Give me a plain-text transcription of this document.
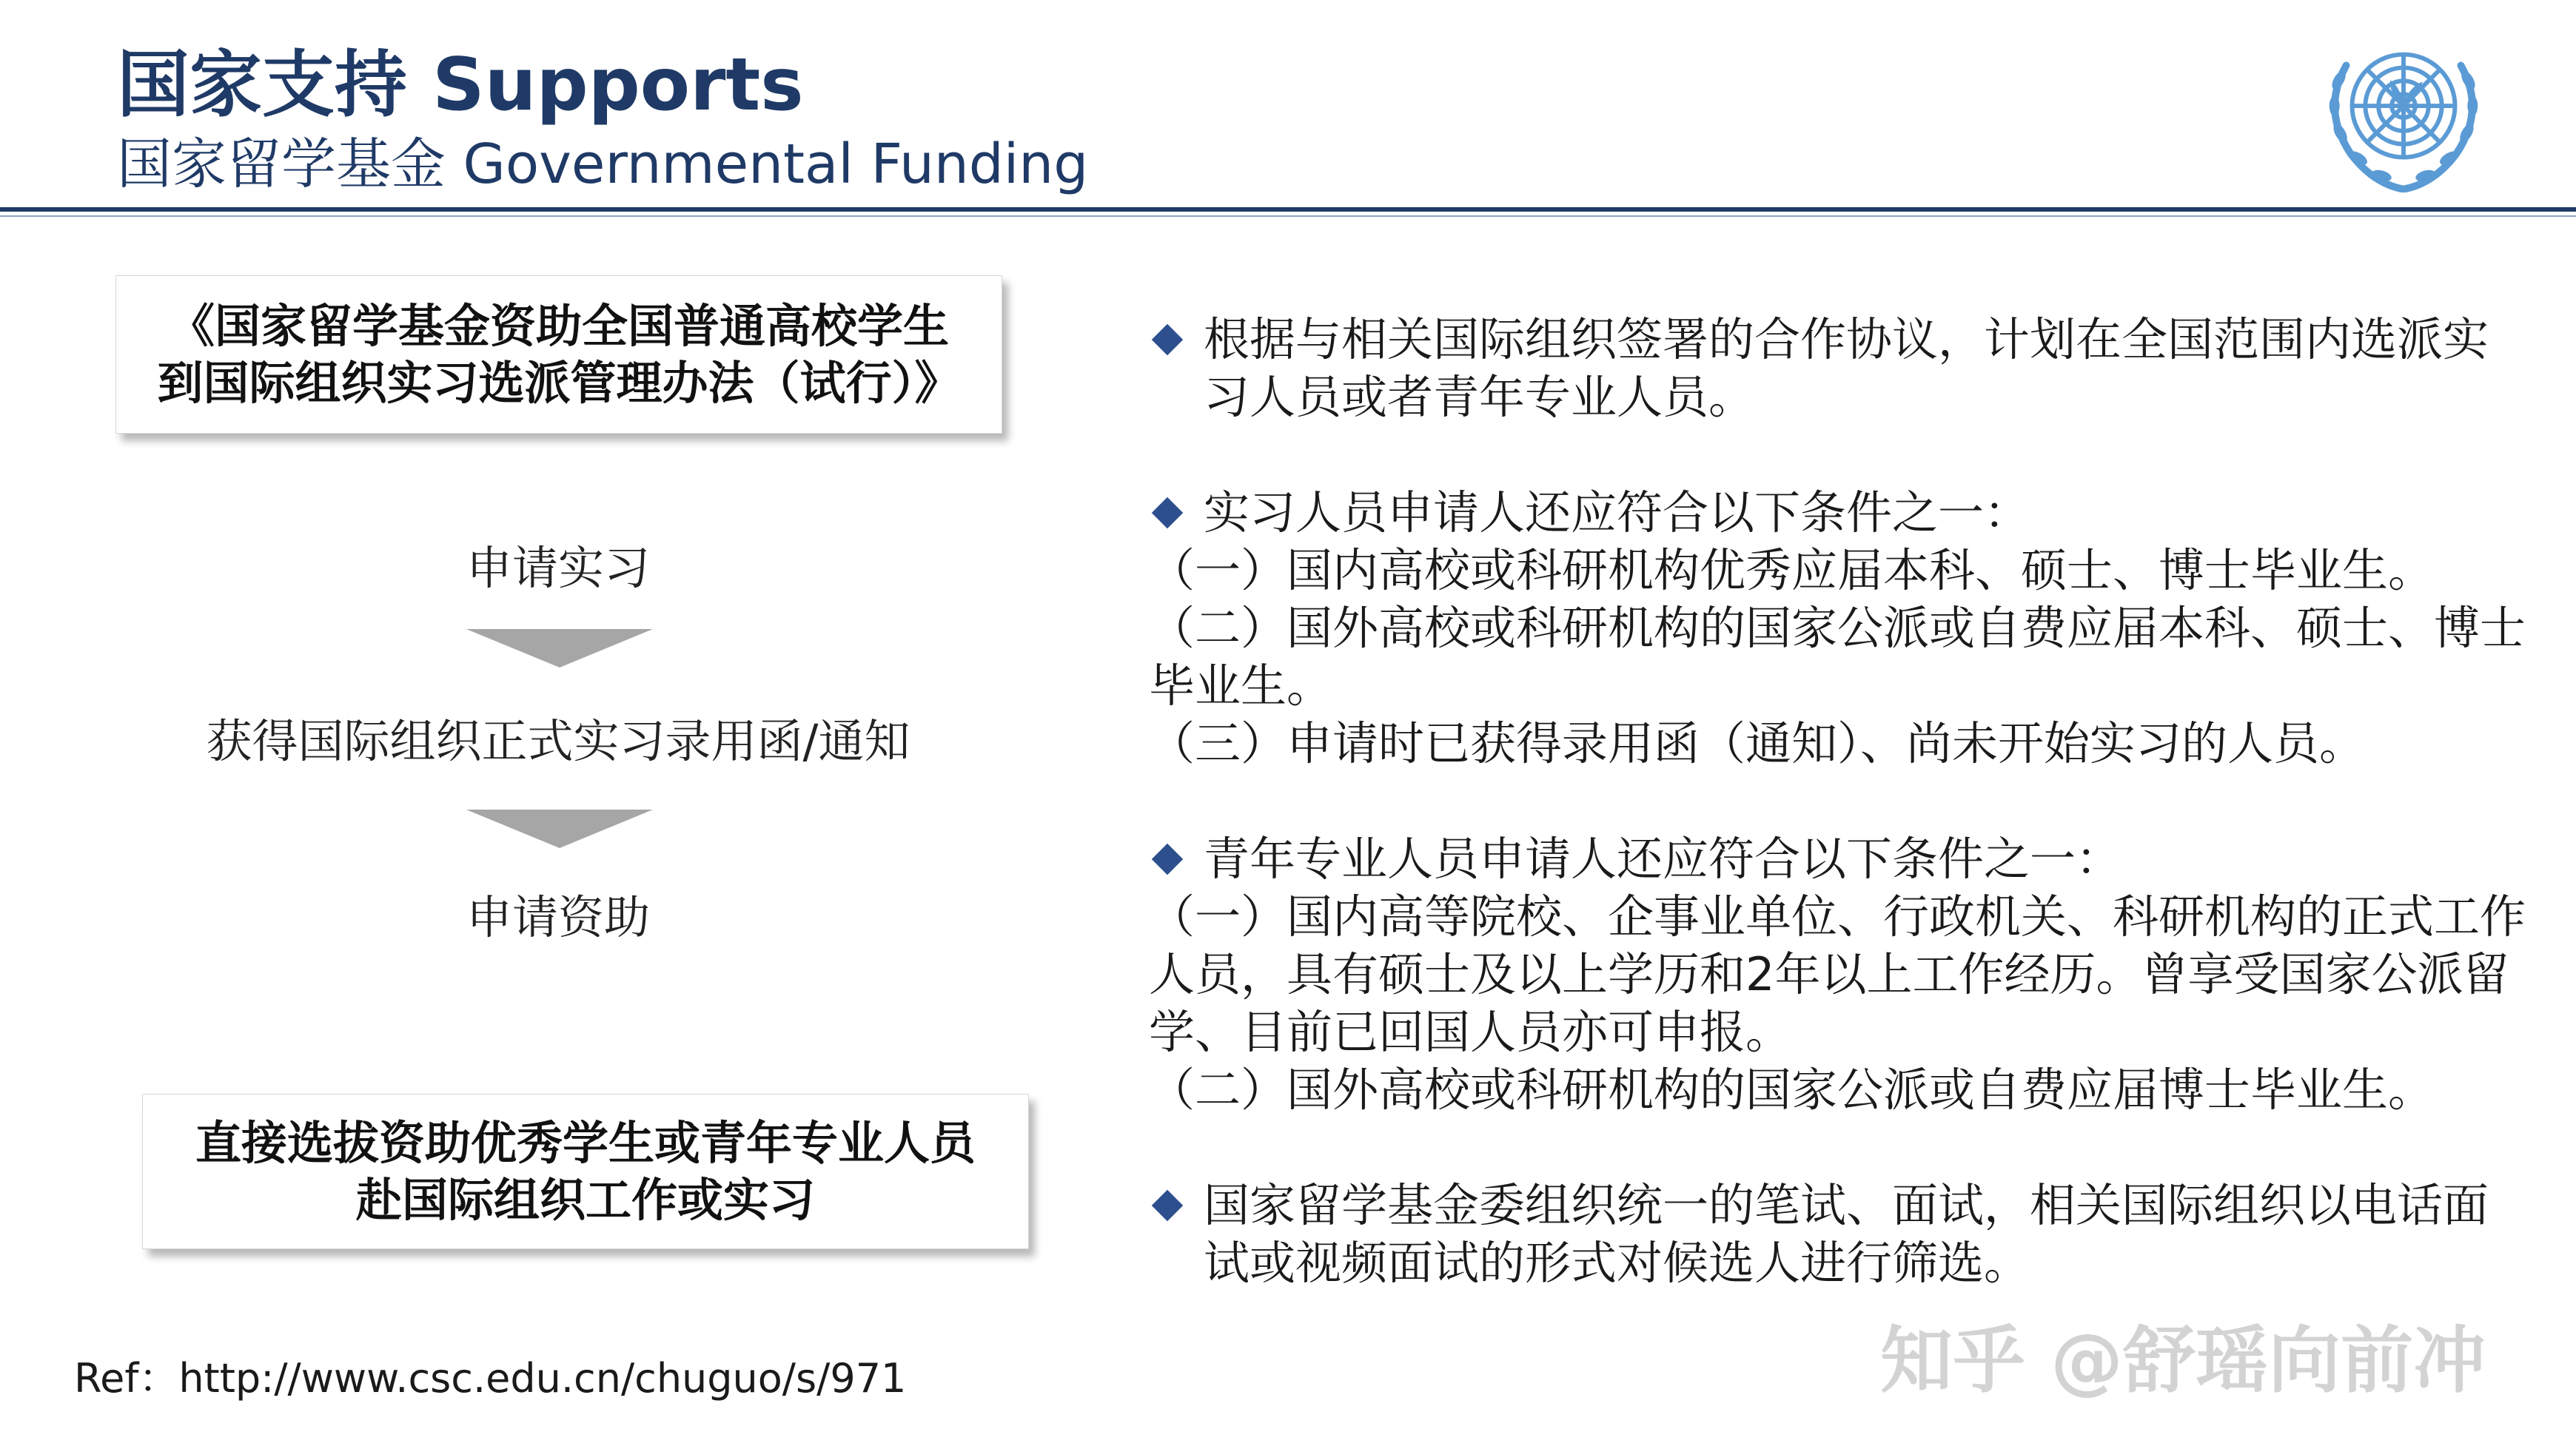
国家支持 Supports
国家留学基金 Governmental Funding
《国家留学基金资助全国普通高校学生
到国际组织实习选派管理办法（试行）》
申请实习
获得国际组织正式实习录用函/通知
申请资助
直接选拔资助优秀学生或青年专业人员
赴国际组织工作或实习
根据与相关国际组织签署的合作协议，计划在全国范围内选派实习人员或者青年专业人员。
实习人员申请人还应符合以下条件之一：
（一）国内高校或科研机构优秀应届本科、硕士、博士毕业生。
（二）国外高校或科研机构的国家公派或自费应届本科、硕士、博士毕业生。
（三）申请时已获得录用函（通知）、尚未开始实习的人员。
青年专业人员申请人还应符合以下条件之一：
（一）国内高等院校、企事业单位、行政机关、科研机构的正式工作人员，具有硕士及以上学历和2年以上工作经历。曾享受国家公派留学、目前已回国人员亦可申报。
（二）国外高校或科研机构的国家公派或自费应届博士毕业生。
国家留学基金委组织统一的笔试、面试，相关国际组织以电话面试或视频面试的形式对候选人进行筛选。
Ref：http://www.csc.edu.cn/chuguo/s/971	知乎 @舒瑶向前冲
